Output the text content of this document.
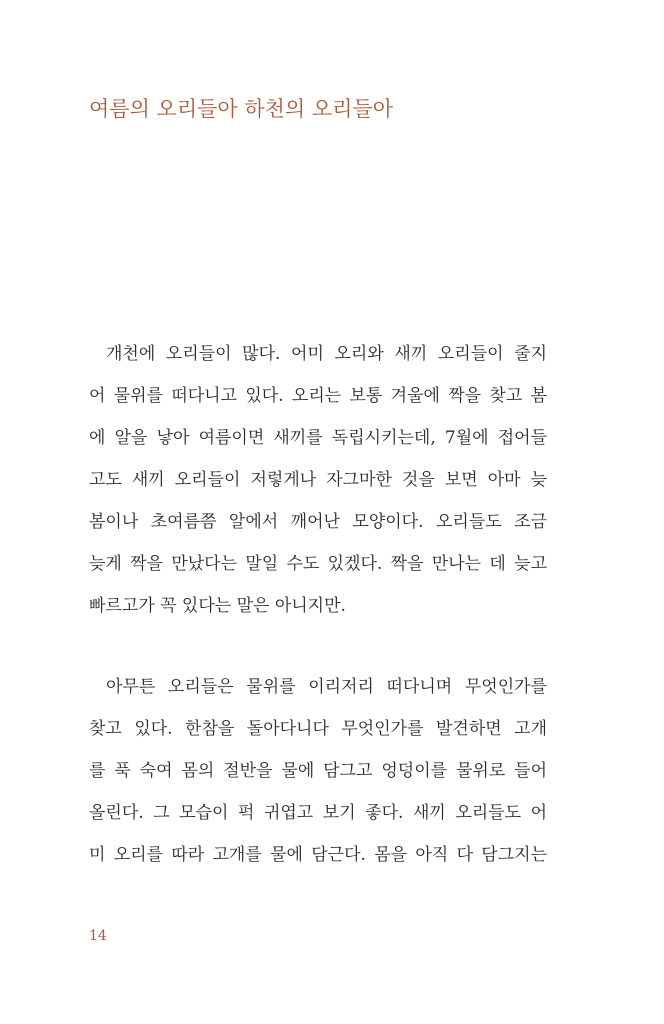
여름의 오리들아 하천의 오리들아

개천에 오리들이 많다. 어미 오리와 새끼 오리들이 줄지

어 물위를 떠다니고 있다. 오리는 보통 겨울에 짝을 찾고 봄

에 알을 낳아 여름이면 새끼를 독립시키는데, 7월에 접어들

고도 새끼 오리들이 저렇게나 자그마한 것을 보면 아마 늦

봄이나 초여름쯤 알에서 깨어난 모양이다. 오리들도 조금

늦게 짝을 만났다는 말일 수도 있겠다. 짝을 만나는 데 늦고

빠르고가 꼭 있다는 말은 아니지만.

아무튼 오리들은 물위를 이리저리 떠다니며 무엇인가를

찾고 있다. 한참을 돌아다니다 무엇인가를 발견하면 고개

를 푹 숙여 몸의 절반을 물에 담그고 엉덩이를 물위로 들어

올린다. 그 모습이 퍽 귀엽고 보기 좋다. 새끼 오리들도 어

미 오리를 따라 고개를 물에 담근다. 몸을 아직 다 담그지는

14
